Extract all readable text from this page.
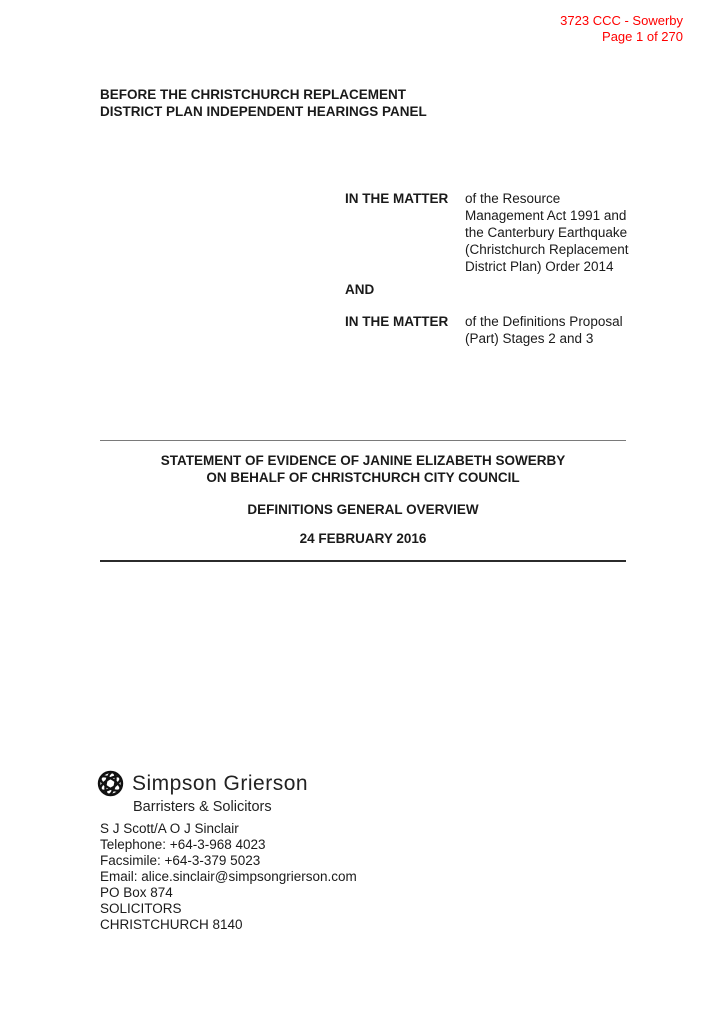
3723 CCC - Sowerby
Page 1 of 270
BEFORE THE CHRISTCHURCH REPLACEMENT
DISTRICT PLAN INDEPENDENT HEARINGS PANEL
IN THE MATTER of the Resource
Management Act 1991 and
the Canterbury Earthquake
(Christchurch Replacement
District Plan) Order 2014
AND
IN THE MATTER of the Definitions Proposal
(Part) Stages 2 and 3
STATEMENT OF EVIDENCE OF JANINE ELIZABETH SOWERBY
ON BEHALF OF CHRISTCHURCH CITY COUNCIL
DEFINITIONS GENERAL OVERVIEW
24 FEBRUARY 2016
Simpson Grierson
Barristers & Solicitors
S J Scott/A O J Sinclair
Telephone: +64-3-968 4023
Facsimile: +64-3-379 5023
Email: alice.sinclair@simpsongrierson.com
PO Box 874
SOLICITORS
CHRISTCHURCH 8140
